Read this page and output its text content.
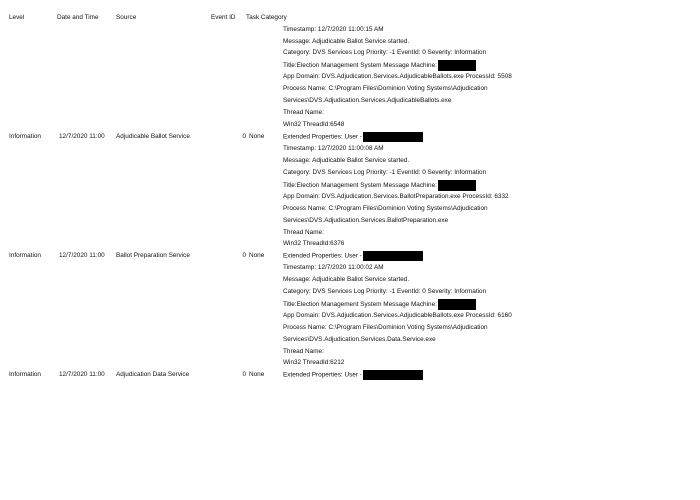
Level	Date and Time	Source	Event ID Task Category
Timestamp: 12/7/2020 11:00:15 AM
Message: Adjudicable Ballot Service started.
Category: DVS Services Log Priority: -1 EventId: 0 Severity: Information
Title:Election Management System Message Machine:
App Domain: DVS.Adjudication.Services.AdjudicableBallots.exe ProcessId: 5508
Process Name: C:\Program Files\Dominion Voting Systems\Adjudication
Services\DVS.Adjudication.Services.AdjudicableBallots.exe
Thread Name:
Win32 ThreadId:6548
Information	12/7/2020 11:00 Adjudicable Ballot Service	0 None	Extended Properties: User -
Timestamp: 12/7/2020 11:00:08 AM
Message: Adjudicable Ballot Service started.
Category: DVS Services Log Priority: -1 EventId: 0 Severity: Information
Title:Election Management System Message Machine:
App Domain: DVS.Adjudication.Services.BallotPreparation.exe ProcessId: 6332
Process Name: C:\Program Files\Dominion Voting Systems\Adjudication
Services\DVS.Adjudication.Services.BallotPreparation.exe
Thread Name:
Win32 ThreadId:6376
Information	12/7/2020 11:00 Ballot Preparation Service	0 None	Extended Properties: User -
Timestamp: 12/7/2020 11:00:02 AM
Message: Adjudicable Ballot Service started.
Category: DVS Services Log Priority: -1 EventId: 0 Severity: Information
Title:Election Management System Message Machine:
App Domain: DVS.Adjudication.Services.AdjudicableBallots.exe ProcessId: 6160
Process Name: C:\Program Files\Dominion Voting Systems\Adjudication
Services\DVS.Adjudication.Services.Data.Service.exe
Thread Name:
Win32 ThreadId:6212
Information	12/7/2020 11:00 Adjudication Data Service	0 None	Extended Properties: User -
